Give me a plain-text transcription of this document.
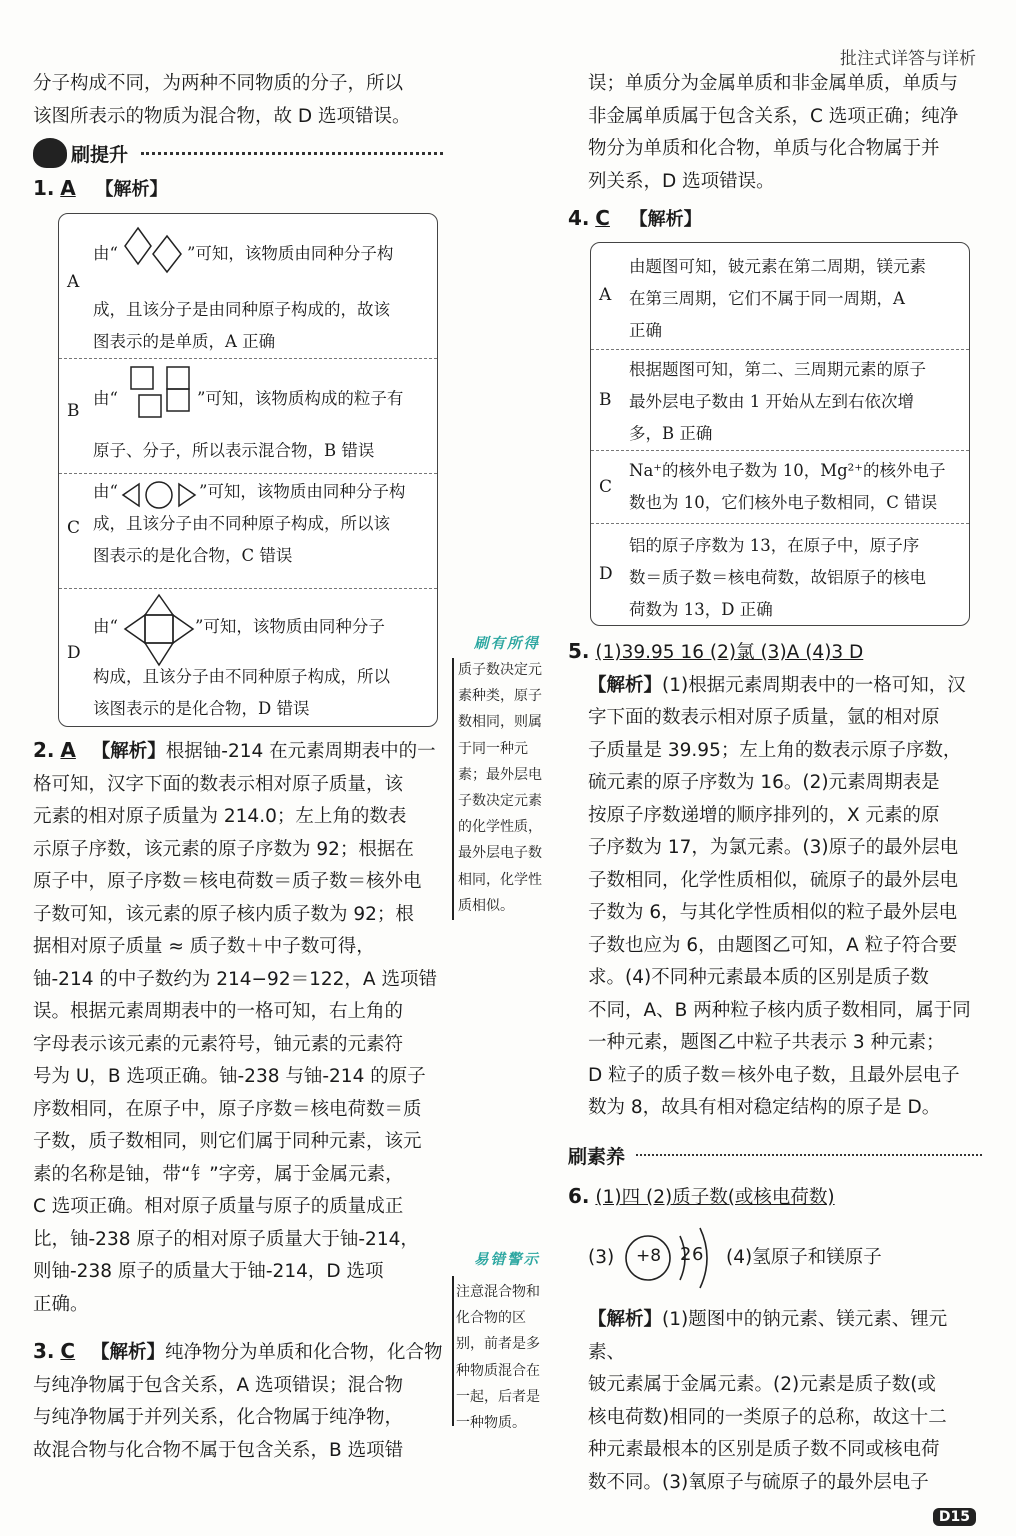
批注式详答与详析

分子构成不同，为两种不同物质的分子，所以

该图所表示的物质为混合物，故 D 选项错误。

刷提升
1. A 【解析】
A
由“	”可知，该物质由同种分子构
成，且该分子是由同种原子构成的，故该
图表示的是单质，A 正确
B
由“	”可知，该物质构成的粒子有
原子、分子，所以表示混合物，B 错误
C
由“	”可知，该物质由同种分子构
成，且该分子由不同种原子构成，所以该
图表示的是化合物，C 错误
D
由“	”可知，该物质由同种分子
构成，且该分子由不同种原子构成，所以
该图表示的是化合物，D 错误

2. A 【解析】根据铀-214 在元素周期表中的一

格可知，汉字下面的数表示相对原子质量，该

元素的相对原子质量为 214.0；左上角的数表

示原子序数，该元素的原子序数为 92；根据在

原子中，原子序数＝核电荷数＝质子数＝核外电

子数可知，该元素的原子核内质子数为 92；根

据相对原子质量 ≈ 质子数＋中子数可得，

铀-214 的中子数约为 214−92＝122，A 选项错

误。根据元素周期表中的一格可知，右上角的

字母表示该元素的元素符号，铀元素的元素符

号为 U，B 选项正确。铀-238 与铀-214 的原子

序数相同，在原子中，原子序数＝核电荷数＝质

子数，质子数相同，则它们属于同种元素，该元

素的名称是铀，带“钅”字旁，属于金属元素，

C 选项正确。相对原子质量与原子的质量成正

比，铀-238 原子的相对原子质量大于铀-214，

则铀-238 原子的质量大于铀-214，D 选项

正确。

3. C 【解析】纯净物分为单质和化合物，化合物

与纯净物属于包含关系，A 选项错误；混合物

与纯净物属于并列关系，化合物属于纯净物，

故混合物与化合物不属于包含关系，B 选项错

刷有所得
质子数决定元
素种类，原子
数相同，则属
于同一种元
素；最外层电
子数决定元素
的化学性质，
最外层电子数
相同，化学性
质相似。
易错警示
注意混合物和
化合物的区
别，前者是多
种物质混合在
一起，后者是
一种物质。

误；单质分为金属单质和非金属单质，单质与

非金属单质属于包含关系，C 选项正确；纯净

物分为单质和化合物，单质与化合物属于并

列关系，D 选项错误。

4. C 【解析】
A
由题图可知，铍元素在第二周期，镁元素
在第三周期，它们不属于同一周期，A
正确
B
根据题图可知，第二、三周期元素的原子
最外层电子数由 1 开始从左到右依次增
多，B 正确
C
Na⁺的核外电子数为 10，Mg²⁺的核外电子
数也为 10，它们核外电子数相同，C 错误
D
铝的原子序数为 13，在原子中，原子序
数＝质子数＝核电荷数，故铝原子的核电
荷数为 13，D 正确

5. (1)39.95 16 (2)氯 (3)A (4)3 D

【解析】(1)根据元素周期表中的一格可知，汉

字下面的数表示相对原子质量，氩的相对原

子质量是 39.95；左上角的数表示原子序数，

硫元素的原子序数为 16。(2)元素周期表是

按原子序数递增的顺序排列的，X 元素的原

子序数为 17，为氯元素。(3)原子的最外层电

子数相同，化学性质相似，硫原子的最外层电

子数为 6，与其化学性质相似的粒子最外层电

子数也应为 6，由题图乙可知，A 粒子符合要

求。(4)不同种元素最本质的区别是质子数

不同，A、B 两种粒子核内质子数相同，属于同

一种元素，题图乙中粒子共表示 3 种元素；

D 粒子的质子数＝核外电子数，且最外层电子

数为 8，故具有相对稳定结构的原子是 D。

刷素养

6. (1)四 (2)质子数(或核电荷数)

(3) +8 2 6 (4)氢原子和镁原子

【解析】(1)题图中的钠元素、镁元素、锂元素、

铍元素属于金属元素。(2)元素是质子数(或

核电荷数)相同的一类原子的总称，故这十二

种元素最根本的区别是质子数不同或核电荷

数不同。(3)氧原子与硫原子的最外层电子

D15
